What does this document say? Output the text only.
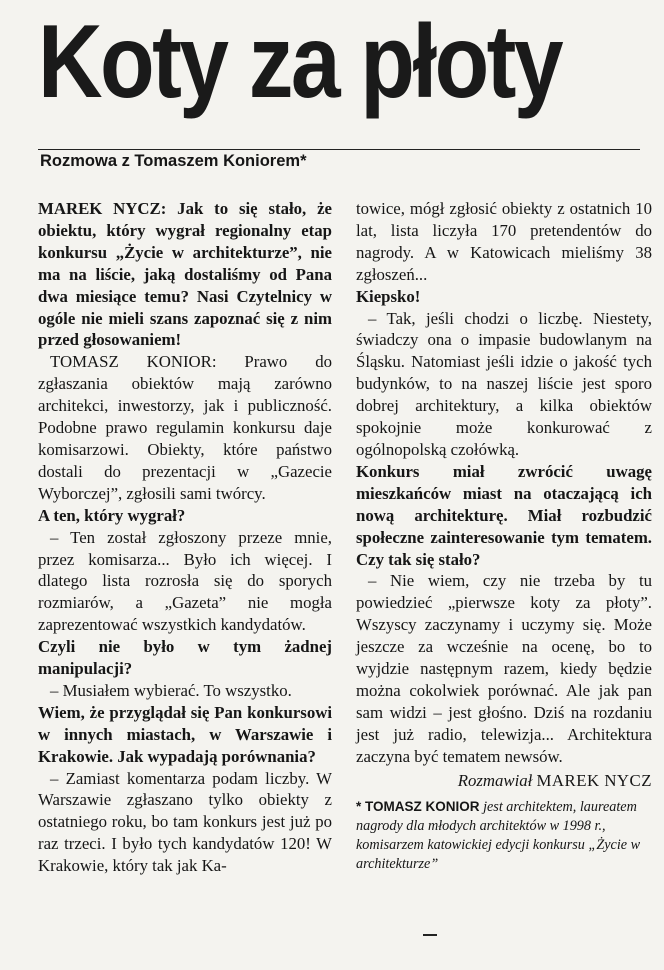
Koty za płoty
Rozmowa z Tomaszem Koniorem*

MAREK NYCZ: Jak to się stało, że obiektu, który wygrał regionalny etap konkursu „Życie w architekturze”, nie ma na liście, jaką dostaliśmy od Pana dwa miesiące temu? Nasi Czytelnicy w ogóle nie mieli szans zapoznać się z nim przed głosowaniem!

TOMASZ KONIOR: Prawo do zgłaszania obiektów mają zarówno architekci, inwestorzy, jak i publiczność. Podobne prawo regulamin konkursu daje komisarzowi. Obiekty, które państwo dostali do prezentacji w „Gazecie Wyborczej”, zgłosili sami twórcy.

A ten, który wygrał?

– Ten został zgłoszony przeze mnie, przez komisarza... Było ich więcej. I dlatego lista rozrosła się do sporych rozmiarów, a „Gazeta” nie mogła zaprezentować wszystkich kandydatów.

Czyli nie było w tym żadnej manipulacji?

– Musiałem wybierać. To wszystko.

Wiem, że przyglądał się Pan konkursowi w innych miastach, w Warszawie i Krakowie. Jak wypadają porównania?

– Zamiast komentarza podam liczby. W Warszawie zgłaszano tylko obiekty z ostatniego roku, bo tam konkurs jest już po raz trzeci. I było tych kandydatów 120! W Krakowie, który tak jak Ka-

towice, mógł zgłosić obiekty z ostatnich 10 lat, lista liczyła 170 pretendentów do nagrody. A w Katowicach mieliśmy 38 zgłoszeń...

Kiepsko!

– Tak, jeśli chodzi o liczbę. Niestety, świadczy ona o impasie budowlanym na Śląsku. Natomiast jeśli idzie o jakość tych budynków, to na naszej liście jest sporo dobrej architektury, a kilka obiektów spokojnie może konkurować z ogólnopolską czołówką.

Konkurs miał zwrócić uwagę mieszkańców miast na otaczającą ich nową architekturę. Miał rozbudzić społeczne zainteresowanie tym tematem. Czy tak się stało?

– Nie wiem, czy nie trzeba by tu powiedzieć „pierwsze koty za płoty”. Wszyscy zaczynamy i uczymy się. Może jeszcze za wcześnie na ocenę, bo to wyjdzie następnym razem, kiedy będzie można cokolwiek porównać. Ale jak pan sam widzi – jest głośno. Dziś na rozdaniu jest już radio, telewizja... Architektura zaczyna być tematem newsów.

Rozmawiał MAREK NYCZ
* TOMASZ KONIOR jest architektem, laureatem nagrody dla młodych architektów w 1998 r., komisarzem katowickiej edycji konkursu „Życie w architekturze”
